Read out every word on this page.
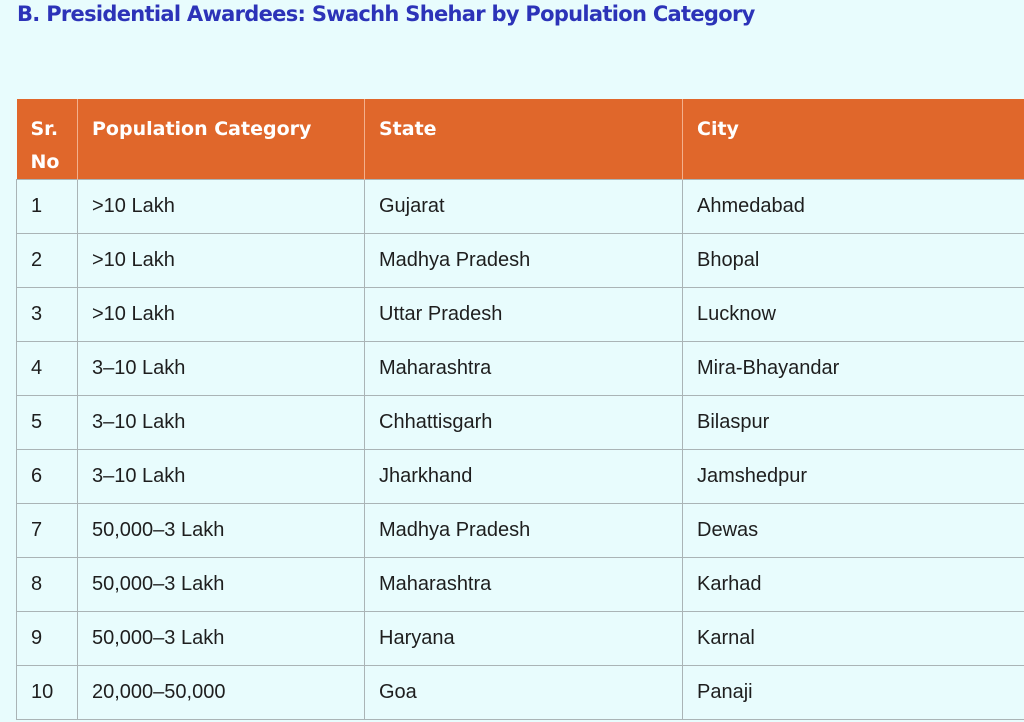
B. Presidential Awardees: Swachh Shehar by Population Category
Sr. No	Population Category	State	City
1	>10 Lakh	Gujarat	Ahmedabad
2	>10 Lakh	Madhya Pradesh	Bhopal
3	>10 Lakh	Uttar Pradesh	Lucknow
4	3–10 Lakh	Maharashtra	Mira-Bhayandar
5	3–10 Lakh	Chhattisgarh	Bilaspur
6	3–10 Lakh	Jharkhand	Jamshedpur
7	50,000–3 Lakh	Madhya Pradesh	Dewas
8	50,000–3 Lakh	Maharashtra	Karhad
9	50,000–3 Lakh	Haryana	Karnal
10	20,000–50,000	Goa	Panaji
